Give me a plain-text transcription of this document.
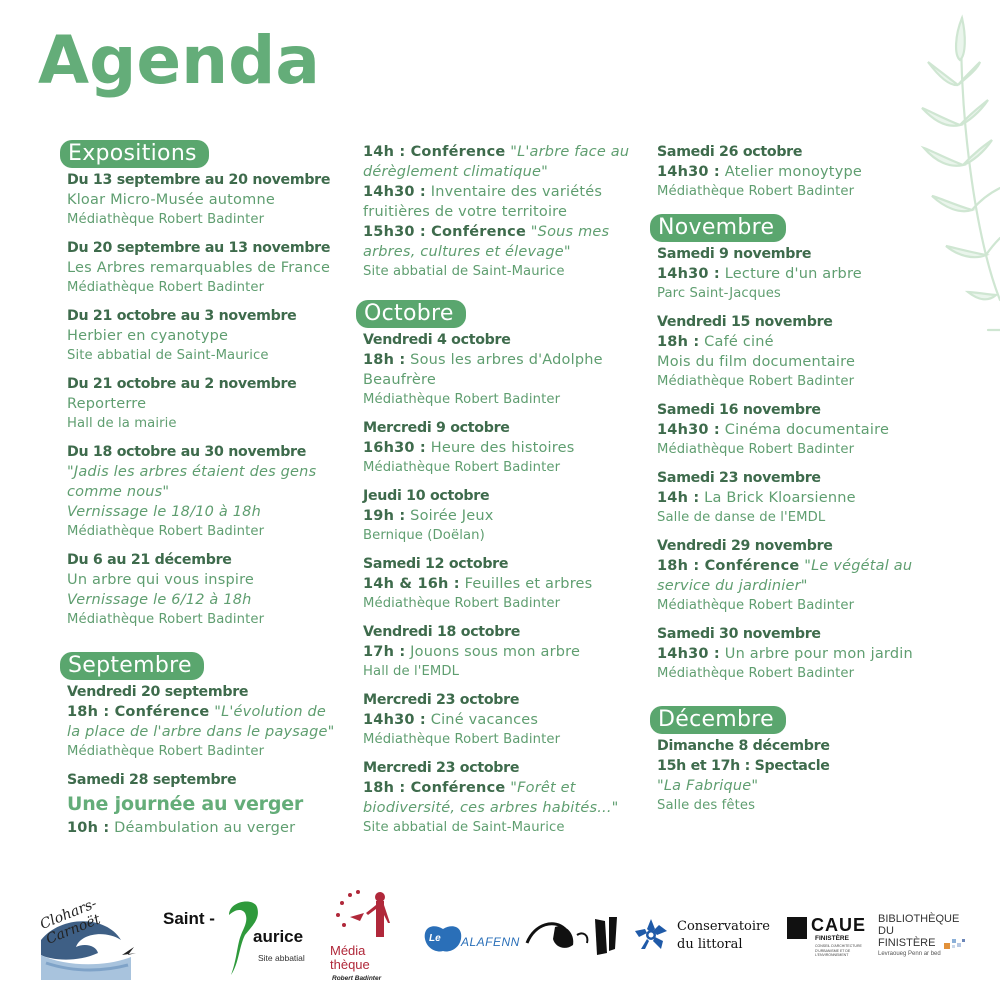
Agenda
Expositions
Du 13 septembre au 20 novembre
Kloar Micro-Musée automne
Médiathèque Robert Badinter
Du 20 septembre au 13 novembre
Les Arbres remarquables de France
Médiathèque Robert Badinter
Du 21 octobre au 3 novembre
Herbier en cyanotype
Site abbatial de Saint-Maurice
Du 21 octobre au 2 novembre
Reporterre
Hall de la mairie
Du 18 octobre au 30 novembre
"Jadis les arbres étaient des gens
comme nous"
Vernissage le 18/10 à 18h
Médiathèque Robert Badinter
Du 6 au 21 décembre
Un arbre qui vous inspire
Vernissage le 6/12 à 18h
Médiathèque Robert Badinter
Septembre
Vendredi 20 septembre
18h : Conférence "L'évolution de
la place de l'arbre dans le paysage"
Médiathèque Robert Badinter
Samedi 28 septembre
Une journée au verger
10h : Déambulation au verger
14h : Conférence "L'arbre face au
dérèglement climatique"
14h30 : Inventaire des variétés
fruitières de votre territoire
15h30 : Conférence "Sous mes
arbres, cultures et élevage"
Site abbatial de Saint-Maurice
Octobre
Vendredi 4 octobre
18h : Sous les arbres d'Adolphe
Beaufrère
Médiathèque Robert Badinter
Mercredi 9 octobre
16h30 : Heure des histoires
Médiathèque Robert Badinter
Jeudi 10 octobre
19h : Soirée Jeux
Bernique (Doëlan)
Samedi 12 octobre
14h & 16h : Feuilles et arbres
Médiathèque Robert Badinter
Vendredi 18 octobre
17h : Jouons sous mon arbre
Hall de l'EMDL
Mercredi 23 octobre
14h30 : Ciné vacances
Médiathèque Robert Badinter
Mercredi 23 octobre
18h : Conférence "Forêt et
biodiversité, ces arbres habités..."
Site abbatial de Saint-Maurice
Samedi 26 octobre
14h30 : Atelier monoytype
Médiathèque Robert Badinter
Novembre
Samedi 9 novembre
14h30 : Lecture d'un arbre
Parc Saint-Jacques
Vendredi 15 novembre
18h : Café ciné
Mois du film documentaire
Médiathèque Robert Badinter
Samedi 16 novembre
14h30 : Cinéma documentaire
Médiathèque Robert Badinter
Samedi 23 novembre
14h : La Brick Kloarsienne
Salle de danse de l'EMDL
Vendredi 29 novembre
18h : Conférence "Le végétal au
service du jardinier"
Médiathèque Robert Badinter
Samedi 30 novembre
14h30 : Un arbre pour mon jardin
Médiathèque Robert Badinter
Décembre
Dimanche 8 décembre
15h et 17h : Spectacle
"La Fabrique"
Salle des fêtes
Clohars-Carnoët	Saint -
aurice
Site abbatial Média
thèque
Robert Badinter
Le ALAFENN
Conservatoire
du littoral
CAUE
FINISTÈRE
CONSEIL D'ARCHITECTURE D'URBANISME ET DE L'ENVIRONNEMENT
BIBLIOTHÈQUE
DU
FINISTÈRE
Levraoueg Penn ar bed
